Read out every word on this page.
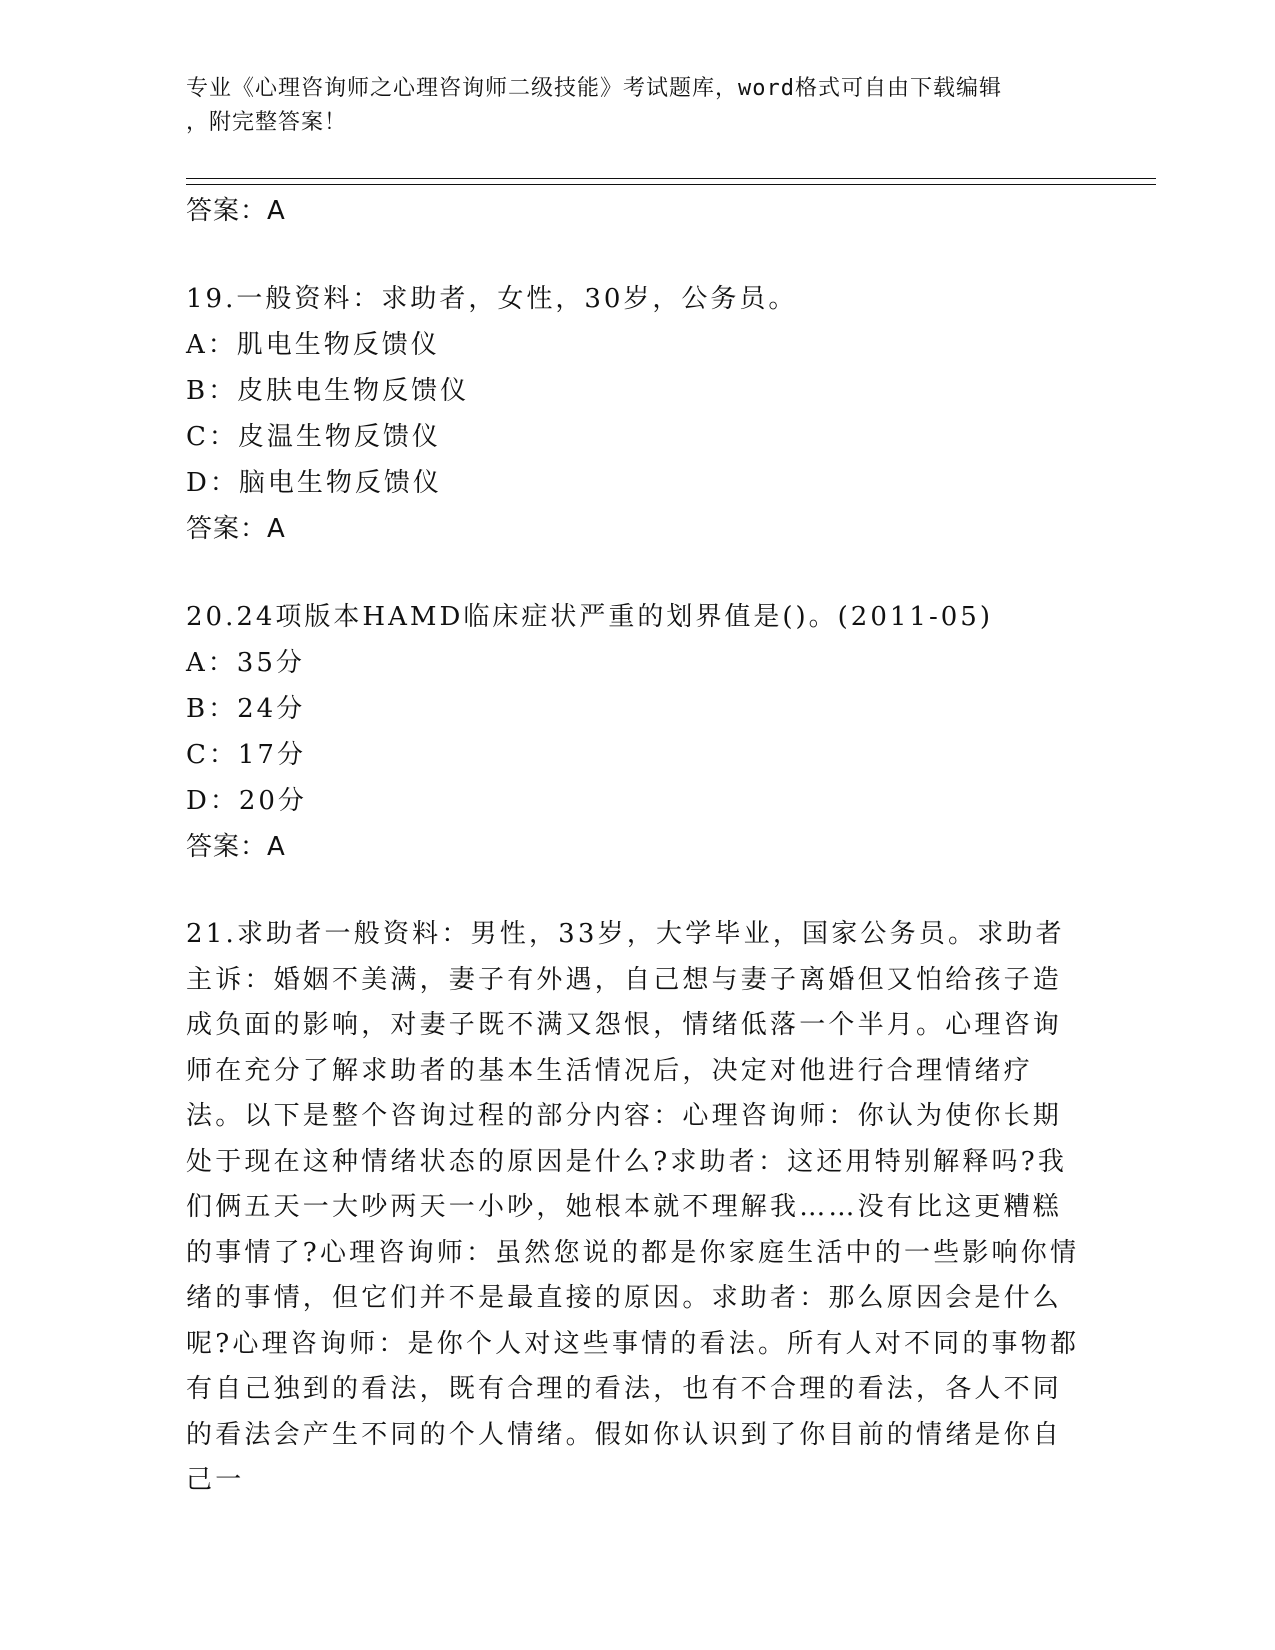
专业《心理咨询师之心理咨询师二级技能》考试题库，word格式可自由下载编辑
，附完整答案！
答案：A
19.一般资料：求助者，女性，30岁，公务员。
A：肌电生物反馈仪
B：皮肤电生物反馈仪
C：皮温生物反馈仪
D：脑电生物反馈仪
答案：A
20.24项版本HAMD临床症状严重的划界值是()。(2011-05)
A：35分
B：24分
C：17分
D：20分
答案：A
21.求助者一般资料：男性，33岁，大学毕业，国家公务员。求助者主诉：婚姻不美满，妻子有外遇，自己想与妻子离婚但又怕给孩子造成负面的影响，对妻子既不满又怨恨，情绪低落一个半月。心理咨询师在充分了解求助者的基本生活情况后，决定对他进行合理情绪疗法。以下是整个咨询过程的部分内容：心理咨询师：你认为使你长期处于现在这种情绪状态的原因是什么?求助者：这还用特别解释吗?我们俩五天一大吵两天一小吵，她根本就不理解我……没有比这更糟糕的事情了?心理咨询师：虽然您说的都是你家庭生活中的一些影响你情绪的事情，但它们并不是最直接的原因。求助者：那么原因会是什么呢?心理咨询师：是你个人对这些事情的看法。所有人对不同的事物都有自己独到的看法，既有合理的看法，也有不合理的看法，各人不同的看法会产生不同的个人情绪。假如你认识到了你目前的情绪是你自己一
